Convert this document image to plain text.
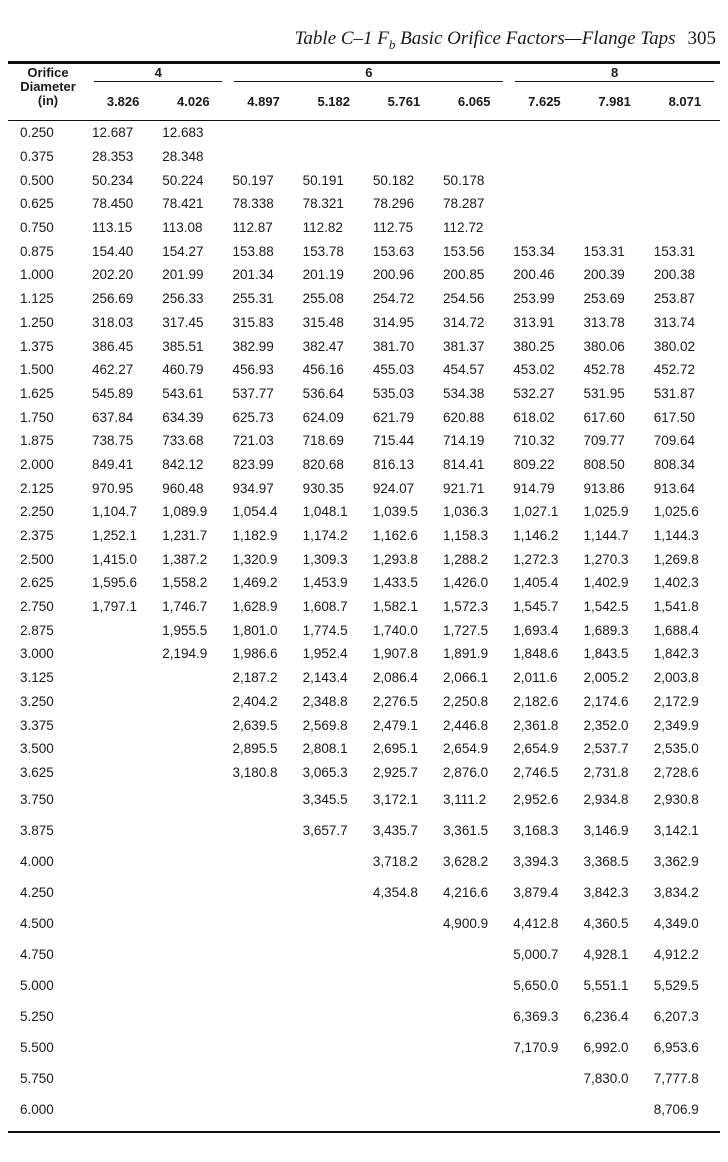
Table C–1 $F_b$ Basic Orifice Factors—Flange Taps 305
Orifice
Diameter
(in)	4		6				8		

	3.826	4.026	4.897	5.182	5.761	6.065	7.625	7.981	8.071
0.250	12.687	12.683							
0.375	28.353	28.348							
0.500	50.234	50.224	50.197	50.191	50.182	50.178			
0.625	78.450	78.421	78.338	78.321	78.296	78.287			
0.750	113.15	113.08	112.87	112.82	112.75	112.72			
0.875	154.40	154.27	153.88	153.78	153.63	153.56	153.34	153.31	153.31
1.000	202.20	201.99	201.34	201.19	200.96	200.85	200.46	200.39	200.38
1.125	256.69	256.33	255.31	255.08	254.72	254.56	253.99	253.69	253.87
1.250	318.03	317.45	315.83	315.48	314.95	314.72	313.91	313.78	313.74
1.375	386.45	385.51	382.99	382.47	381.70	381.37	380.25	380.06	380.02
1.500	462.27	460.79	456.93	456.16	455.03	454.57	453.02	452.78	452.72
1.625	545.89	543.61	537.77	536.64	535.03	534.38	532.27	531.95	531.87
1.750	637.84	634.39	625.73	624.09	621.79	620.88	618.02	617.60	617.50
1.875	738.75	733.68	721.03	718.69	715.44	714.19	710.32	709.77	709.64
2.000	849.41	842.12	823.99	820.68	816.13	814.41	809.22	808.50	808.34
2.125	970.95	960.48	934.97	930.35	924.07	921.71	914.79	913.86	913.64
2.250	1,104.7	1,089.9	1,054.4	1,048.1	1,039.5	1,036.3	1,027.1	1,025.9	1,025.6
2.375	1,252.1	1,231.7	1,182.9	1,174.2	1,162.6	1,158.3	1,146.2	1,144.7	1,144.3
2.500	1,415.0	1,387.2	1,320.9	1,309.3	1,293.8	1,288.2	1,272.3	1,270.3	1,269.8
2.625	1,595.6	1,558.2	1,469.2	1,453.9	1,433.5	1,426.0	1,405.4	1,402.9	1,402.3
2.750	1,797.1	1,746.7	1,628.9	1,608.7	1,582.1	1,572.3	1,545.7	1,542.5	1,541.8
2.875		1,955.5	1,801.0	1,774.5	1,740.0	1,727.5	1,693.4	1,689.3	1,688.4
3.000		2,194.9	1,986.6	1,952.4	1,907.8	1,891.9	1,848.6	1,843.5	1,842.3
3.125			2,187.2	2,143.4	2,086.4	2,066.1	2,011.6	2,005.2	2,003.8
3.250			2,404.2	2,348.8	2,276.5	2,250.8	2,182.6	2,174.6	2,172.9
3.375			2,639.5	2,569.8	2,479.1	2,446.8	2,361.8	2,352.0	2,349.9
3.500			2,895.5	2,808.1	2,695.1	2,654.9	2,654.9	2,537.7	2,535.0
3.625			3,180.8	3,065.3	2,925.7	2,876.0	2,746.5	2,731.8	2,728.6
3.750				3,345.5	3,172.1	3,111.2	2,952.6	2,934.8	2,930.8
3.875				3,657.7	3,435.7	3,361.5	3,168.3	3,146.9	3,142.1
4.000					3,718.2	3,628.2	3,394.3	3,368.5	3,362.9
4.250					4,354.8	4,216.6	3,879.4	3,842.3	3,834.2
4.500						4,900.9	4,412.8	4,360.5	4,349.0
4.750							5,000.7	4,928.1	4,912.2
5.000							5,650.0	5,551.1	5,529.5
5.250							6,369.3	6,236.4	6,207.3
5.500							7,170.9	6,992.0	6,953.6
5.750								7,830.0	7,777.8
6.000									8,706.9
